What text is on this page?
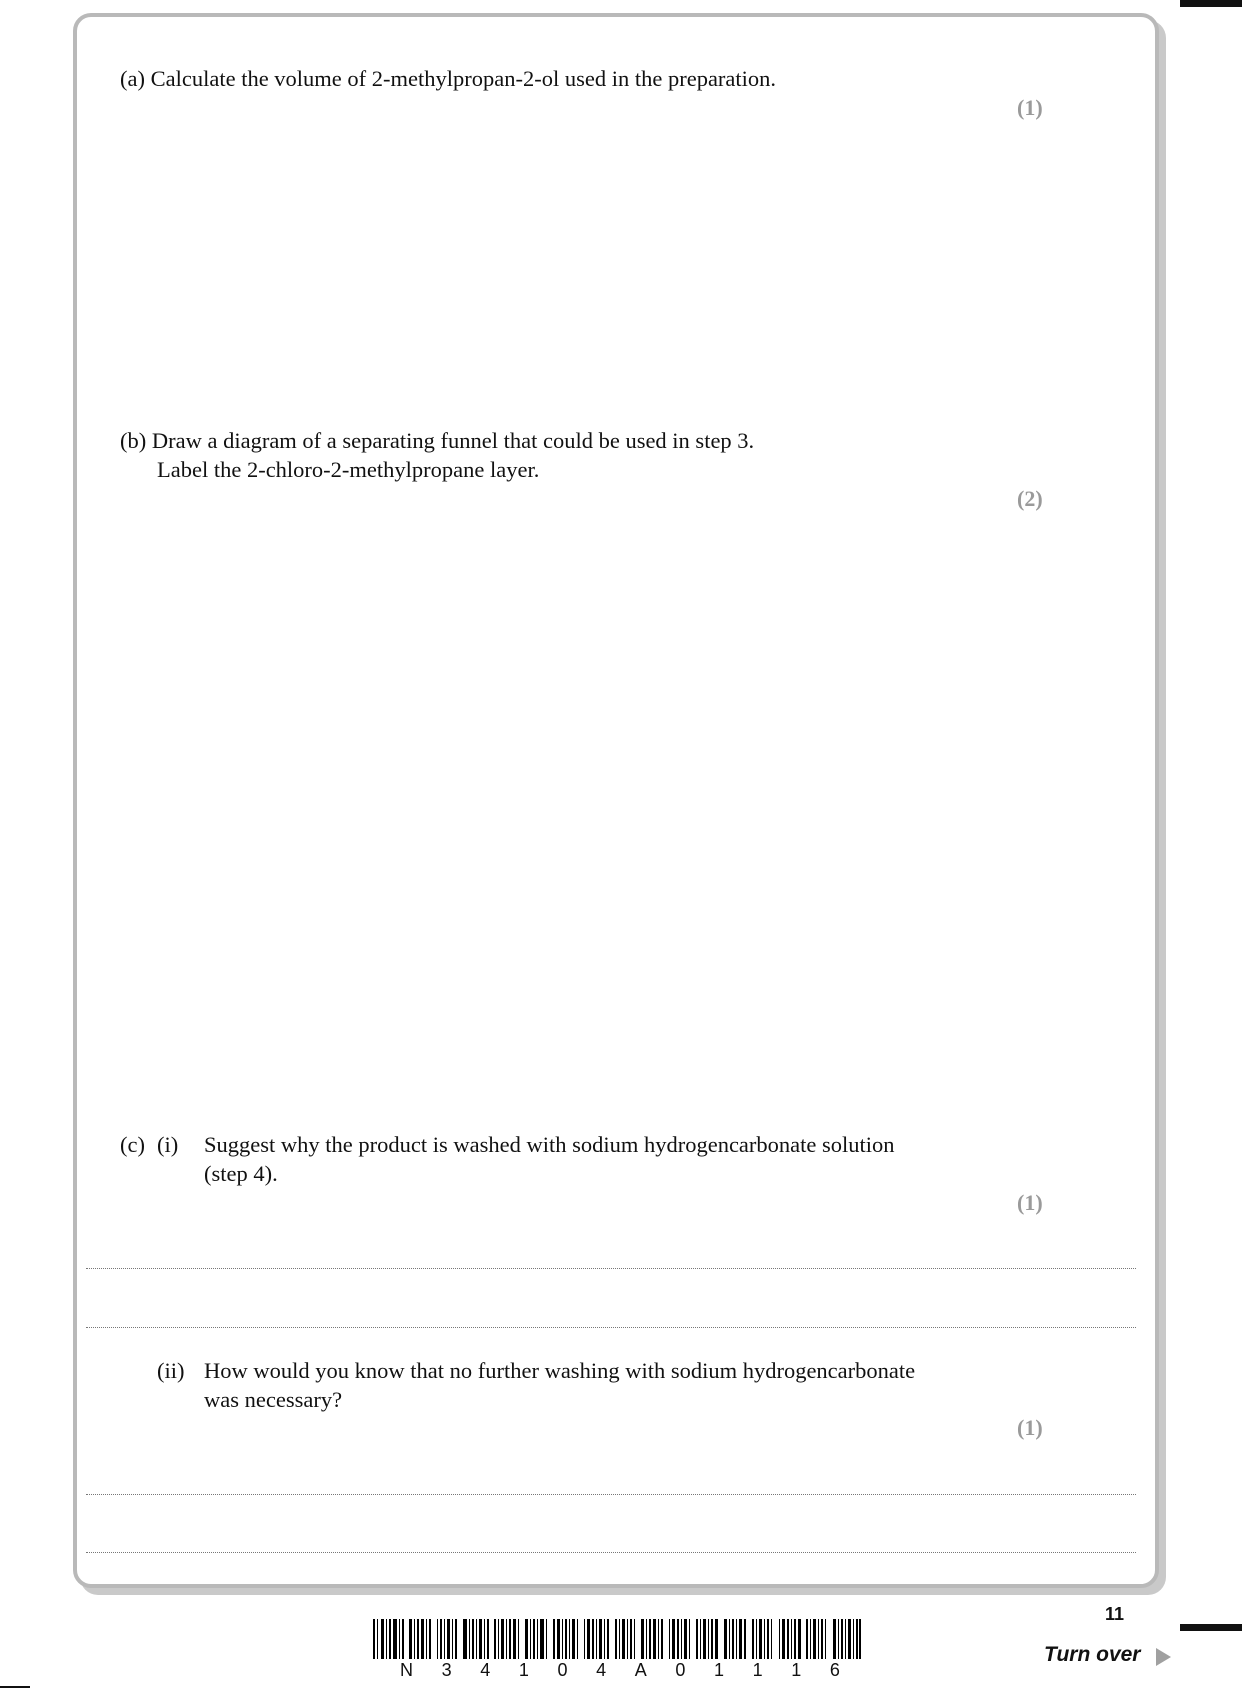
(a) Calculate the volume of 2-methylpropan-2-ol used in the preparation.
(1)
(b) Draw a diagram of a separating funnel that could be used in step 3.
Label the 2-chloro-2-methylpropane layer.
(2)
(c) (i) Suggest why the product is washed with sodium hydrogencarbonate solution
(step 4).
(1)
(ii) How would you know that no further washing with sodium hydrogencarbonate
was necessary?
(1)
N 3 4 1 0 4 A 0 1 1 1 6
11
Turn over
